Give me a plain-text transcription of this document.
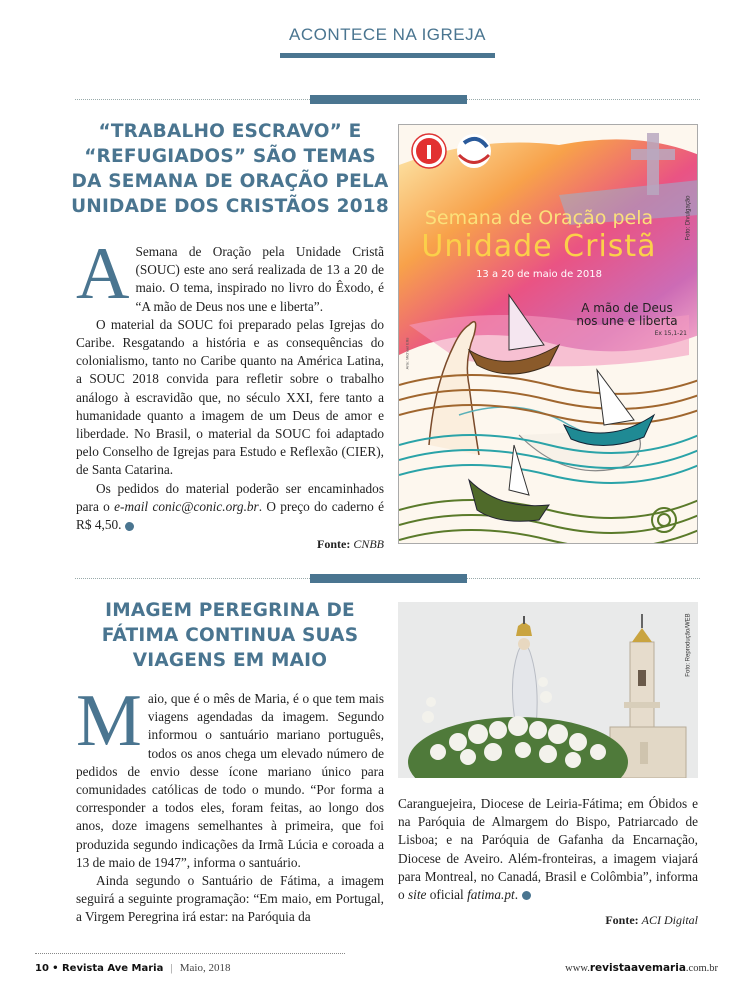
ACONTECE NA IGREJA
“TRABALHO ESCRAVO” E
“REFUGIADOS” SÃO TEMAS
DA SEMANA DE ORAÇÃO PELA
UNIDADE DOS CRISTÃOS 2018

A Semana de Oração pela Unidade Cristã (SOUC) este ano será realizada de 13 a 20 de maio. O tema, inspirado no livro do Êxodo, é “A mão de Deus nos une e liberta”.

O material da SOUC foi preparado pelas Igrejas do Caribe. Resgatando a história e as consequências do colonialismo, tanto no Caribe quanto na América Latina, a SOUC 2018 convida para refletir sobre o trabalho análogo à escravidão que, no século XXI, fere tanto a humanidade quanto a imagem de um Deus de amor e liberdade. No Brasil, o material da SOUC foi adaptado pelo Conselho de Igrejas para Estudo e Reflexão (CIER), de Santa Catarina.

Os pedidos do material poderão ser encaminhados para o e-mail conic@conic.org.br. O preço do caderno é R$ 4,50.

Fonte: CNBB
Semana de Oração pela
Unidade Cristã
13 a 20 de maio de 2018
A mão de Deus
nos une e liberta
Ex 15,1-21
Foto: Divulgação
Arte: Michael Ellis
IMAGEM PEREGRINA DE
FÁTIMA CONTINUA SUAS
VIAGENS EM MAIO

Maio, que é o mês de Maria, é o que tem mais viagens agendadas da imagem. Segundo informou o santuário mariano português, todos os anos chega um elevado número de pedidos de envio desse ícone mariano único para comunidades católicas de todo o mundo. “Por forma a corresponder a todos eles, foram feitas, ao longo dos anos, doze imagens semelhantes à primeira, que foi produzida segundo indicações da Irmã Lúcia e coroada a 13 de maio de 1947”, informa o santuário.

Ainda segundo o Santuário de Fátima, a imagem seguirá a seguinte programação: “Em maio, em Portugal, a Virgem Peregrina irá estar: na Paróquia da

Foto: Reprodução/WEB

Caranguejeira, Diocese de Leiria-Fátima; em Óbidos e na Paróquia de Almargem do Bispo, Patriarcado de Lisboa; e na Paróquia de Gafanha da Encarnação, Diocese de Aveiro. Além-fronteiras, a imagem viajará para Montreal, no Canadá, Brasil e Colômbia”, informa o site oficial fatima.pt.

Fonte: ACI Digital
10 • Revista Ave Maria | Maio, 2018	www.revistaavemaria.com.br
